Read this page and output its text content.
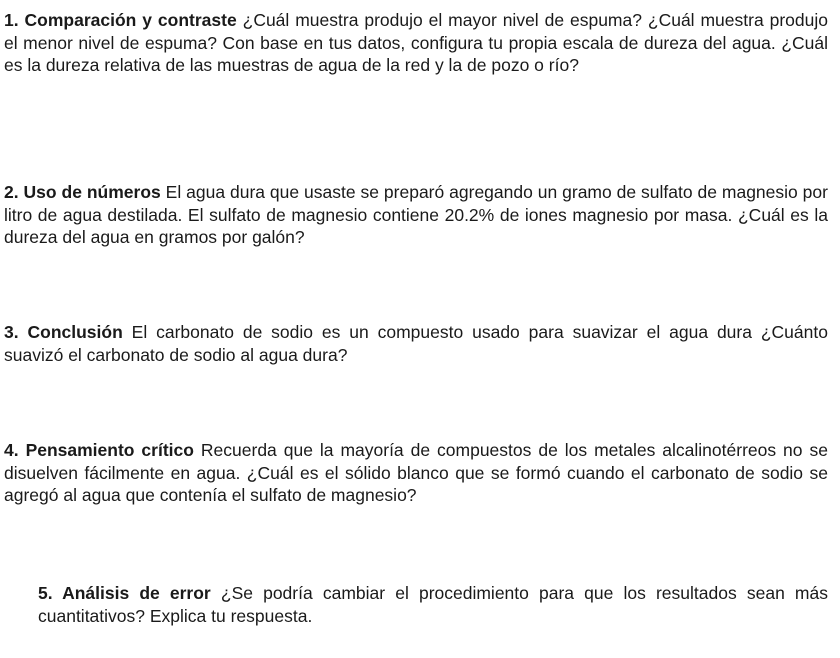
1. Comparación y contraste ¿Cuál muestra produjo el mayor nivel de espuma? ¿Cuál muestra produjo el menor nivel de espuma? Con base en tus datos, configura tu propia escala de dureza del agua. ¿Cuál es la dureza relativa de las muestras de agua de la red y la de pozo o río?

2. Uso de números El agua dura que usaste se preparó agregando un gramo de sulfato de magnesio por litro de agua destilada. El sulfato de magnesio contiene 20.2% de iones magnesio por masa. ¿Cuál es la dureza del agua en gramos por galón?

3. Conclusión El carbonato de sodio es un compuesto usado para suavizar el agua dura ¿Cuánto suavizó el carbonato de sodio al agua dura?

4. Pensamiento crítico Recuerda que la mayoría de compuestos de los metales alcalinotérreos no se disuelven fácilmente en agua. ¿Cuál es el sólido blanco que se formó cuando el carbonato de sodio se agregó al agua que contenía el sulfato de magnesio?

5. Análisis de error ¿Se podría cambiar el procedimiento para que los resultados sean más cuantitativos? Explica tu respuesta.
